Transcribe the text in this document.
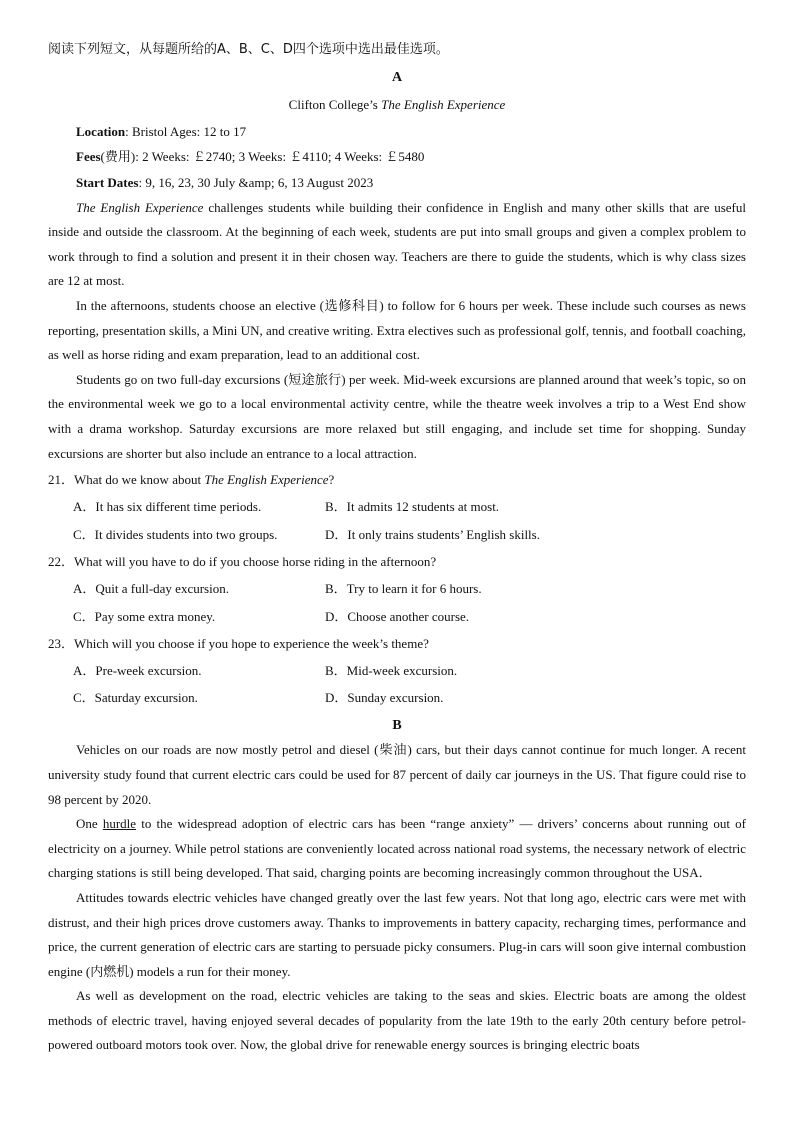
阅读下列短文，从每题所给的A、B、C、D四个选项中选出最佳选项。
A
Clifton College’s The English Experience
Location: Bristol Ages: 12 to 17
Fees(费用): 2 Weeks: ￡2740; 3 Weeks: ￡4110; 4 Weeks: ￡5480
Start Dates: 9, 16, 23, 30 July &amp; 6, 13 August 2023
The English Experience challenges students while building their confidence in English and many other skills that are useful inside and outside the classroom. At the beginning of each week, students are put into small groups and given a complex problem to work through to find a solution and present it in their chosen way. Teachers are there to guide the students, which is why class sizes are 12 at most.
In the afternoons, students choose an elective (选修科目) to follow for 6 hours per week. These include such courses as news reporting, presentation skills, a Mini UN, and creative writing. Extra electives such as professional golf, tennis, and football coaching, as well as horse riding and exam preparation, lead to an additional cost.
Students go on two full-day excursions (短途旅行) per week. Mid-week excursions are planned around that week’s topic, so on the environmental week we go to a local environmental activity centre, while the theatre week involves a trip to a West End show with a drama workshop. Saturday excursions are more relaxed but still engaging, and include set time for shopping. Sunday excursions are shorter but also include an entrance to a local attraction.
21．What do we know about The English Experience?
A．It has six different time periods.	B．It admits 12 students at most.
C．It divides students into two groups.	D．It only trains students’ English skills.
22．What will you have to do if you choose horse riding in the afternoon?
A．Quit a full-day excursion.	B．Try to learn it for 6 hours.
C．Pay some extra money.	D．Choose another course.
23．Which will you choose if you hope to experience the week’s theme?
A．Pre-week excursion.	B．Mid-week excursion.
C．Saturday excursion.	D．Sunday excursion.
B
Vehicles on our roads are now mostly petrol and diesel (柴油) cars, but their days cannot continue for much longer. A recent university study found that current electric cars could be used for 87 percent of daily car journeys in the US. That figure could rise to 98 percent by 2020.
One hurdle to the widespread adoption of electric cars has been “range anxiety” — drivers’ concerns about running out of electricity on a journey. While petrol stations are conveniently located across national road systems, the necessary network of electric charging stations is still being developed. That said, charging points are becoming increasingly common throughout the USA．
Attitudes towards electric vehicles have changed greatly over the last few years. Not that long ago, electric cars were met with distrust, and their high prices drove customers away. Thanks to improvements in battery capacity, recharging times, performance and price, the current generation of electric cars are starting to persuade picky consumers. Plug-in cars will soon give internal combustion engine (内燃机) models a run for their money.
As well as development on the road, electric vehicles are taking to the seas and skies. Electric boats are among the oldest methods of electric travel, having enjoyed several decades of popularity from the late 19th to the early 20th century before petrol-powered outboard motors took over. Now, the global drive for renewable energy sources is bringing electric boats
